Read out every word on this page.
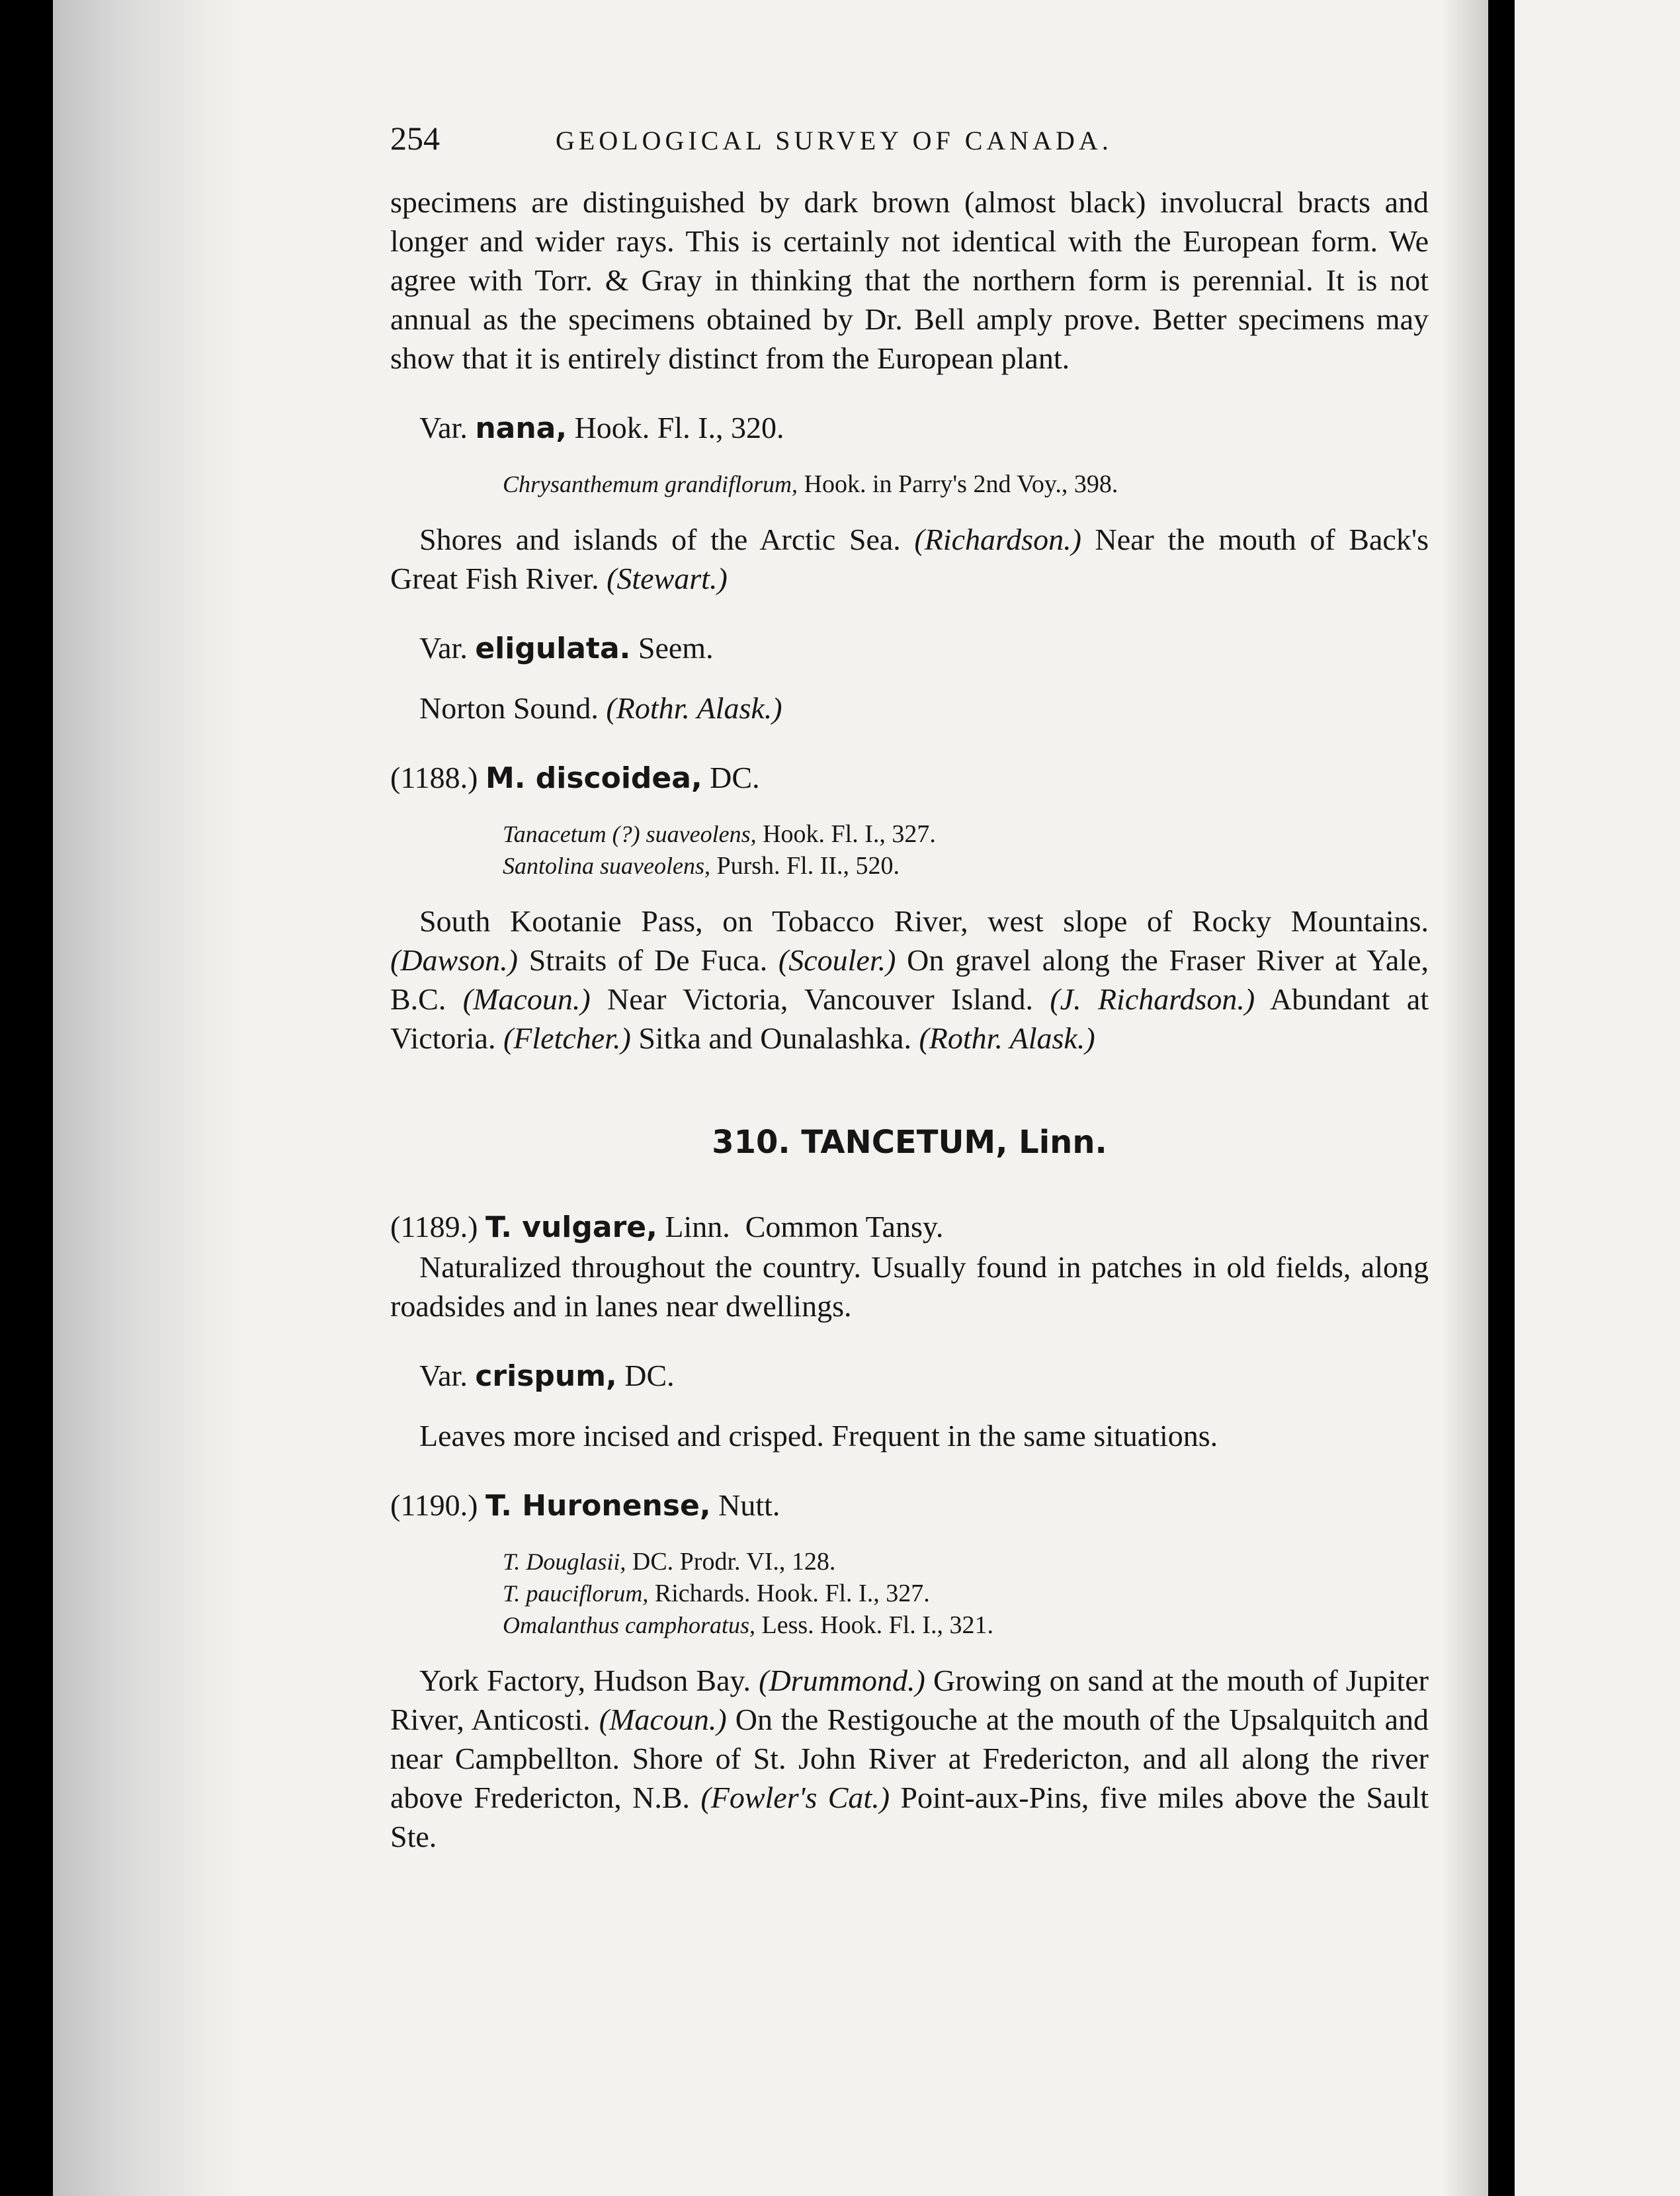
254	GEOLOGICAL SURVEY OF CANADA.

specimens are distinguished by dark brown (almost black) involucral bracts and longer and wider rays. This is certainly not identical with the European form. We agree with Torr. & Gray in thinking that the northern form is perennial. It is not annual as the specimens obtained by Dr. Bell amply prove. Better specimens may show that it is entirely distinct from the European plant.

Var. nana, Hook. Fl. I., 320.
Chrysanthemum grandiflorum, Hook. in Parry's 2nd Voy., 398.

Shores and islands of the Arctic Sea. (Richardson.) Near the mouth of Back's Great Fish River. (Stewart.)

Var. eligulata. Seem.

Norton Sound. (Rothr. Alask.)

(1188.) M. discoidea, DC.
Tanacetum (?) suaveolens, Hook. Fl. I., 327.
Santolina suaveolens, Pursh. Fl. II., 520.

South Kootanie Pass, on Tobacco River, west slope of Rocky Mountains. (Dawson.) Straits of De Fuca. (Scouler.) On gravel along the Fraser River at Yale, B.C. (Macoun.) Near Victoria, Vancouver Island. (J. Richardson.) Abundant at Victoria. (Fletcher.) Sitka and Ounalashka. (Rothr. Alask.)

310. TANCETUM, Linn.
(1189.) T. vulgare, Linn. Common Tansy.

Naturalized throughout the country. Usually found in patches in old fields, along roadsides and in lanes near dwellings.

Var. crispum, DC.

Leaves more incised and crisped. Frequent in the same situations.

(1190.) T. Huronense, Nutt.
T. Douglasii, DC. Prodr. VI., 128.
T. pauciflorum, Richards. Hook. Fl. I., 327.
Omalanthus camphoratus, Less. Hook. Fl. I., 321.

York Factory, Hudson Bay. (Drummond.) Growing on sand at the mouth of Jupiter River, Anticosti. (Macoun.) On the Restigouche at the mouth of the Upsalquitch and near Campbellton. Shore of St. John River at Fredericton, and all along the river above Fredericton, N.B. (Fowler's Cat.) Point-aux-Pins, five miles above the Sault Ste.
